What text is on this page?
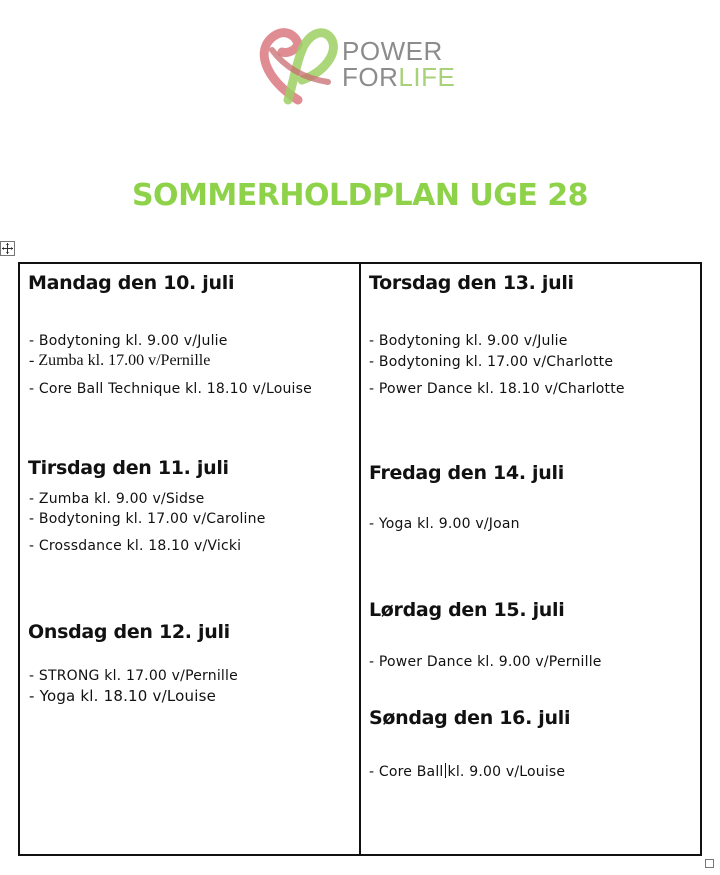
POWER
FORLIFE
SOMMERHOLDPLAN UGE 28
Mandag den 10. juli
- Bodytoning kl. 9.00 v/Julie
- Zumba kl. 17.00 v/Pernille
- Core Ball Technique kl. 18.10 v/Louise
Tirsdag den 11. juli
- Zumba kl. 9.00 v/Sidse
- Bodytoning kl. 17.00 v/Caroline
- Crossdance kl. 18.10 v/Vicki
Onsdag den 12. juli
- STRONG kl. 17.00 v/Pernille
- Yoga kl. 18.10 v/Louise
Torsdag den 13. juli
- Bodytoning kl. 9.00 v/Julie
- Bodytoning kl. 17.00 v/Charlotte
- Power Dance kl. 18.10 v/Charlotte
Fredag den 14. juli
- Yoga kl. 9.00 v/Joan
Lørdag den 15. juli
- Power Dance kl. 9.00 v/Pernille
Søndag den 16. juli
- Core Ball kl. 9.00 v/Louise
